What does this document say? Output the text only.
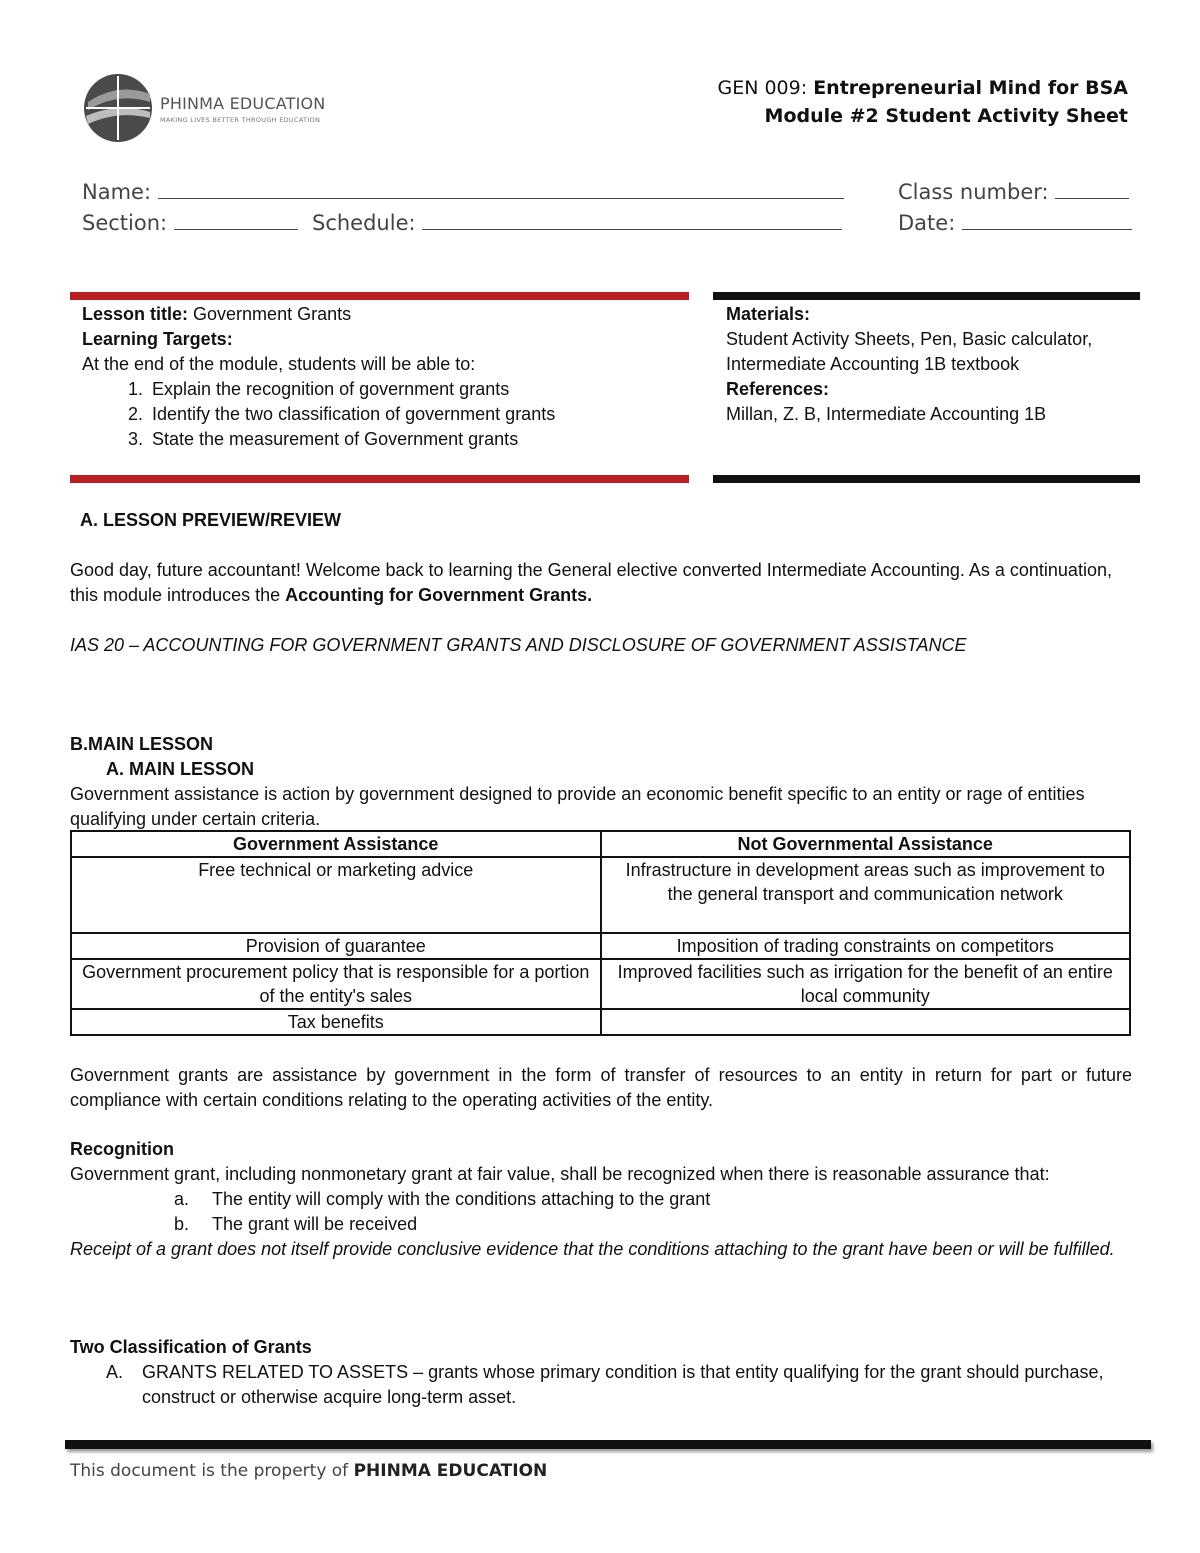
PHINMA EDUCATION
MAKING LIVES BETTER THROUGH EDUCATION
GEN 009: Entrepreneurial Mind for BSA
Module #2 Student Activity Sheet
Name:	Class number:
Section:	Schedule:	Date:
Lesson title: Government Grants
Learning Targets:
At the end of the module, students will be able to:
1. Explain the recognition of government grants
2. Identify the two classification of government grants
3. State the measurement of Government grants
Materials:
Student Activity Sheets, Pen, Basic calculator, Intermediate Accounting 1B textbook
References:
Millan, Z. B, Intermediate Accounting 1B
A. LESSON PREVIEW/REVIEW
Good day, future accountant! Welcome back to learning the General elective converted Intermediate Accounting. As a continuation, this module introduces the Accounting for Government Grants.
IAS 20 – ACCOUNTING FOR GOVERNMENT GRANTS AND DISCLOSURE OF GOVERNMENT ASSISTANCE
B.MAIN LESSON
A. MAIN LESSON
Government assistance is action by government designed to provide an economic benefit specific to an entity or rage of entities qualifying under certain criteria.
Government Assistance	Not Governmental Assistance
Free technical or marketing advice	Infrastructure in development areas such as improvement to the general transport and communication network
Provision of guarantee	Imposition of trading constraints on competitors
Government procurement policy that is responsible for a portion of the entity's sales	Improved facilities such as irrigation for the benefit of an entire local community
Tax benefits	
Government grants are assistance by government in the form of transfer of resources to an entity in return for part or future compliance with certain conditions relating to the operating activities of the entity.
Recognition
Government grant, including nonmonetary grant at fair value, shall be recognized when there is reasonable assurance that:
a. The entity will comply with the conditions attaching to the grant
b. The grant will be received
Receipt of a grant does not itself provide conclusive evidence that the conditions attaching to the grant have been or will be fulfilled.
Two Classification of Grants
A.	GRANTS RELATED TO ASSETS – grants whose primary condition is that entity qualifying for the grant should purchase, construct or otherwise acquire long-term asset.
This document is the property of PHINMA EDUCATION
